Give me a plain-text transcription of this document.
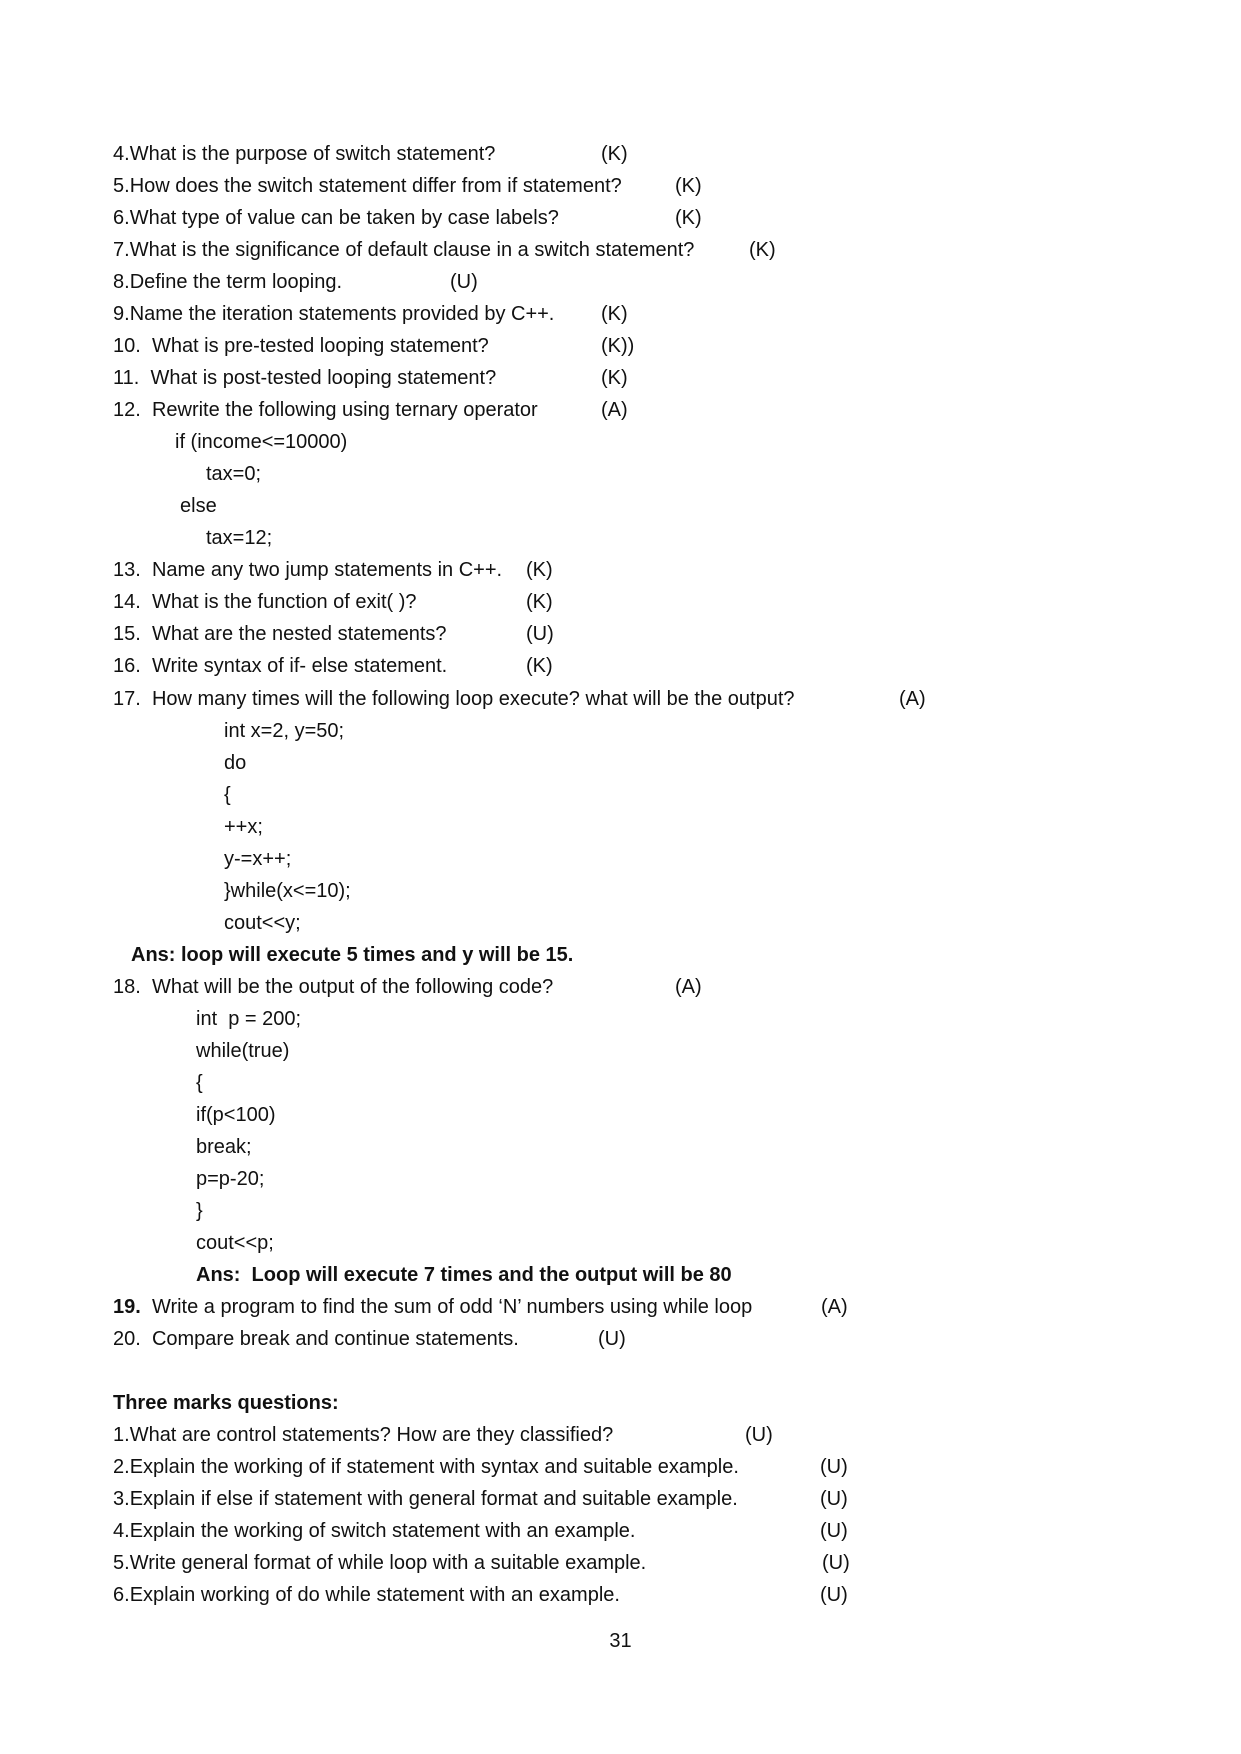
4.What is the purpose of switch statement?	(K)
5.How does the switch statement differ from if statement?	(K)
6.What type of value can be taken by case labels?	(K)
7.What is the significance of default clause in a switch statement?	(K)
8.Define the term looping.	(U)
9.Name the iteration statements provided by C++. (K)
10. What is pre-tested looping statement?	(K))
11. What is post-tested looping statement?	(K)
12. Rewrite the following using ternary operator	(A)
if (income<=10000)
tax=0;
else
tax=12;
13. Name any two jump statements in C++. (K)
14. What is the function of exit( )?	(K)
15. What are the nested statements?	(U)
16. Write syntax of if- else statement.	(K)
17. How many times will the following loop execute? what will be the output?	(A)
int x=2, y=50;
do
{
++x;
y-=x++;
}while(x<=10);
cout<<y;
Ans: loop will execute 5 times and y will be 15.
18. What will be the output of the following code?	(A)
int  p = 200;
while(true)
{
if(p<100)
break;
p=p-20;
}
cout<<p;
Ans:  Loop will execute 7 times and the output will be 80
19. Write a program to find the sum of odd ‘N’ numbers using while loop	(A)
20. Compare break and continue statements.	(U)
Three marks questions:
1.What are control statements? How are they classified?	(U)
2.Explain the working of if statement with syntax and suitable example.	(U)
3.Explain if else if statement with general format and suitable example.	(U)
4.Explain the working of switch statement with an example.	(U)
5.Write general format of while loop with a suitable example.	(U)
6.Explain working of do while statement with an example.	(U)
31
